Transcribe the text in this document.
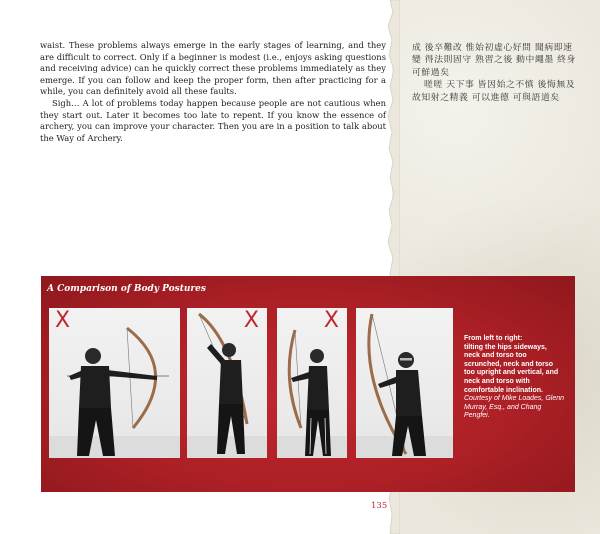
waist. These problems always emerge in the early stages of learning, and they are difficult to correct. Only if a beginner is modest (i.e., enjoys asking questions and receiving advice) can he quickly correct these problems immediately as they emerge. If you can follow and keep the proper form, then after practicing for a while, you can definitely avoid all these faults.

Sigh… A lot of problems today happen because people are not cautious when they start out. Later it becomes too late to repent. If you know the essence of archery, you can improve your character. Then you are in a position to talk about the Way of Archery.

成 後卒難改 惟始初虛心好問 聞病即速變 得法則固守 熟習之後 動中繩墨 終身可鮮過矣
嗟嗟 天下事 皆因始之不慎 後悔無及 故知射之精義 可以進德 可與語道矣
A Comparison of Body Postures
X	X	X
From left to right:
tilting the hips sideways, neck and torso too scrunched, neck and torso too upright and vertical, and neck and torso with comfortable inclination.
Courtesy of Mike Loades, Glenn Murray, Esq., and Chang Pengfei.
135
